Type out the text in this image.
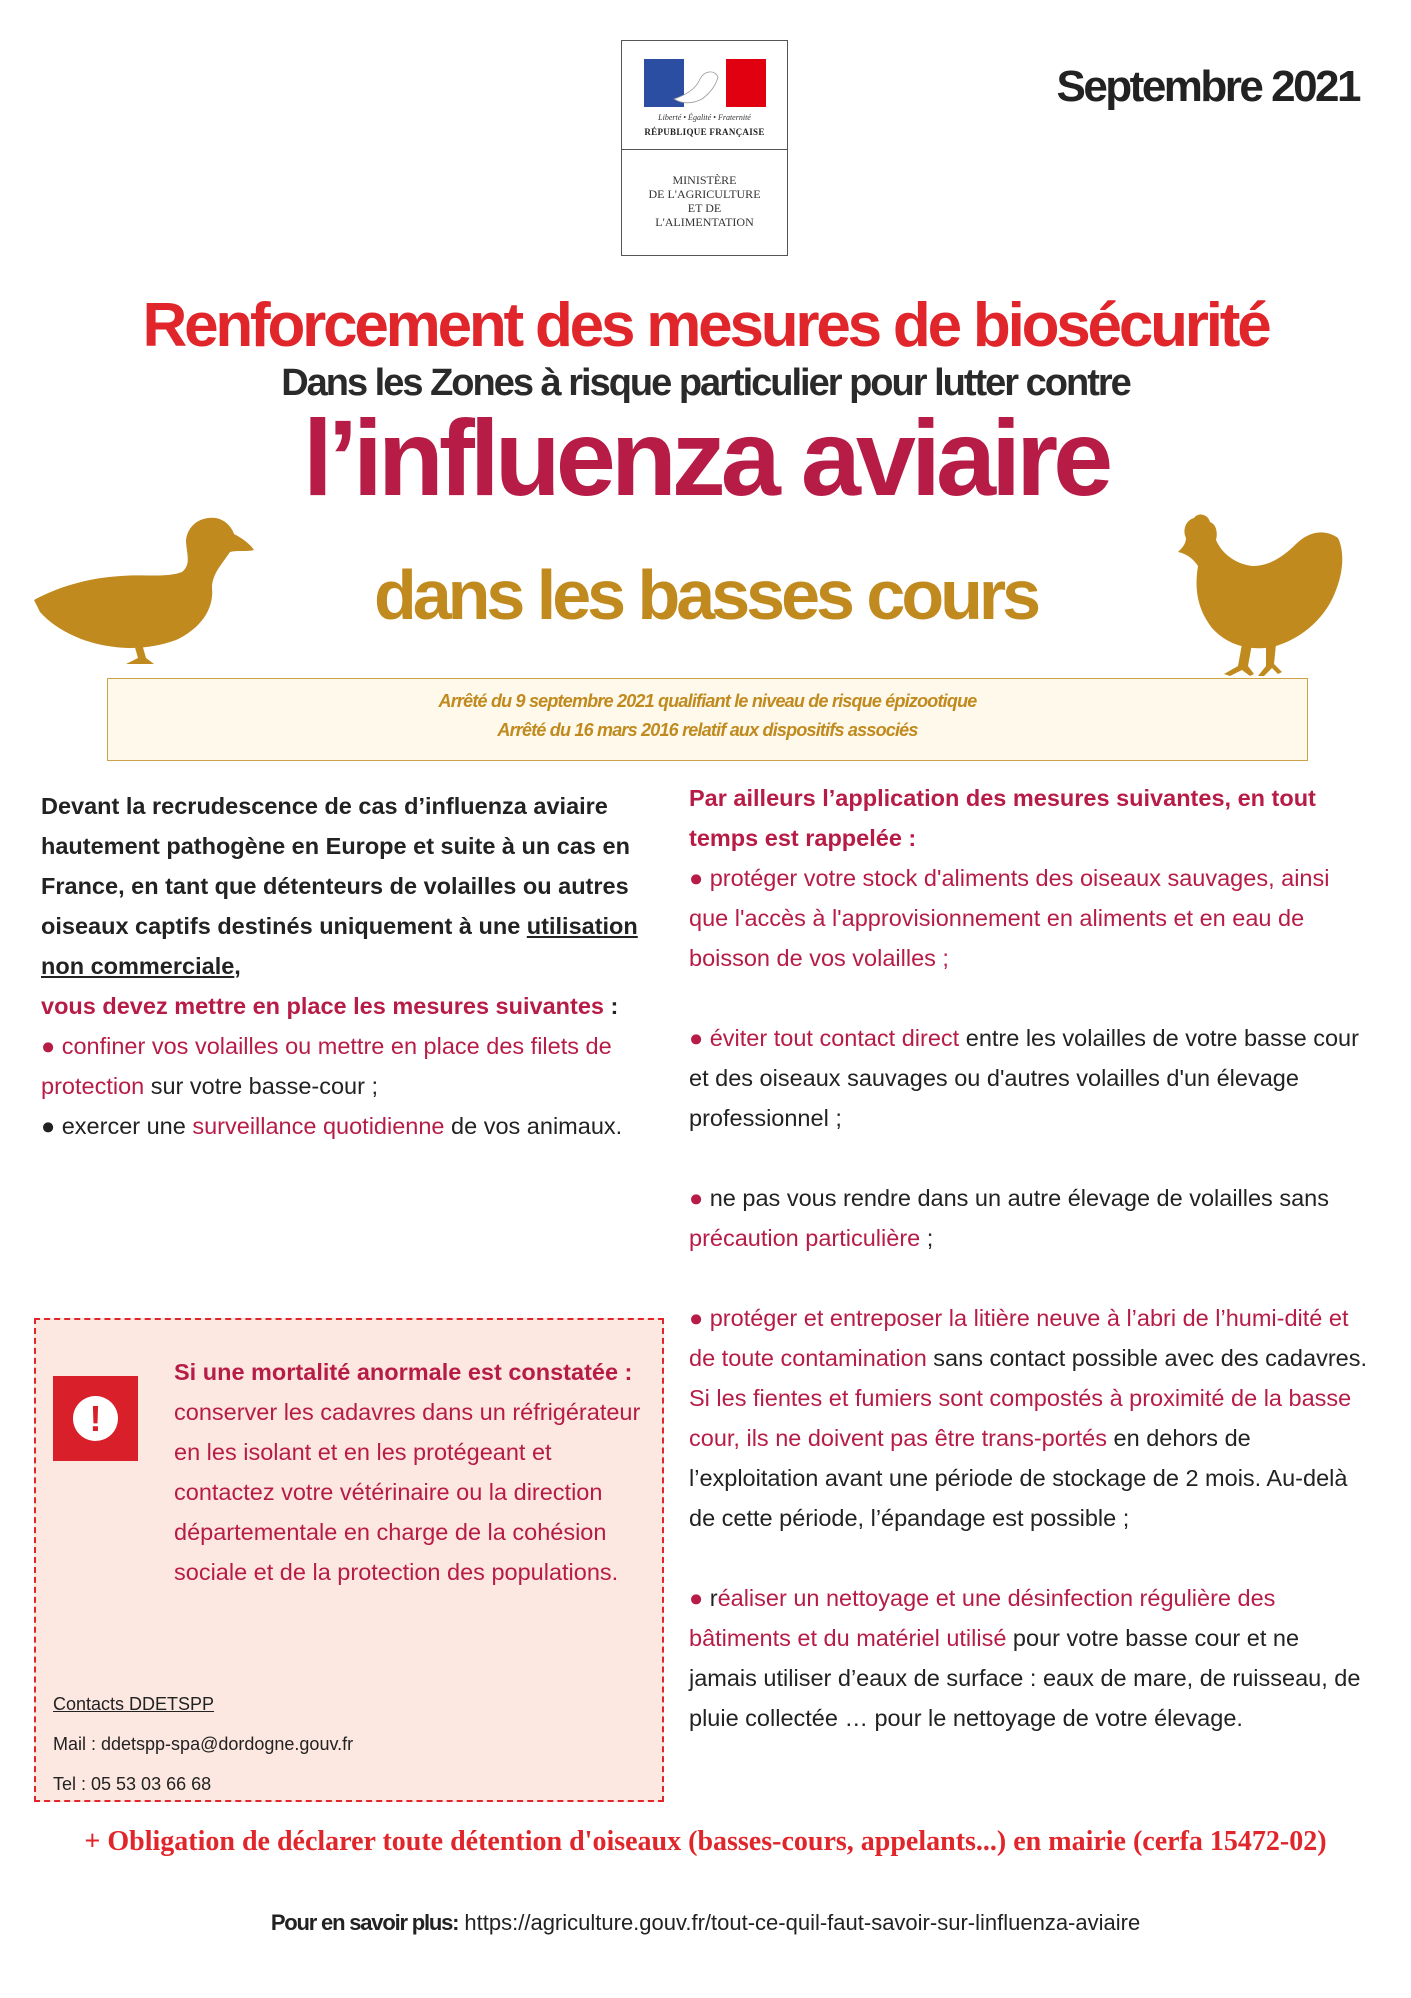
Liberté • Égalité • Fraternité
RÉPUBLIQUE FRANÇAISE
MINISTÈRE
DE L'AGRICULTURE
ET DE
L'ALIMENTATION
Septembre 2021
Renforcement des mesures de biosécurité
Dans les Zones à risque particulier pour lutter contre
l’influenza aviaire
dans les basses cours
Arrêté du 9 septembre 2021 qualifiant le niveau de risque épizootique
Arrêté du 16 mars 2016 relatif aux dispositifs associés
Devant la recrudescence de cas d’influenza aviaire hautement pathogène en Europe et suite à un cas en France, en tant que détenteurs de volailles ou autres oiseaux captifs destinés uniquement à une utilisation non commerciale,
vous devez mettre en place les mesures suivantes :
● confiner vos volailles ou mettre en place des filets de protection sur votre basse-cour ;
● exercer une surveillance quotidienne de vos animaux.
Par ailleurs l’application des mesures suivantes, en tout temps est rappelée :
● protéger votre stock d'aliments des oiseaux sauvages, ainsi que l'accès à l'approvisionnement en aliments et en eau de boisson de vos volailles ;
● éviter tout contact direct entre les volailles de votre basse cour et des oiseaux sauvages ou d'autres volailles d'un élevage professionnel ;
● ne pas vous rendre dans un autre élevage de volailles sans précaution particulière ;
● protéger et entreposer la litière neuve à l’abri de l’humi-dité et de toute contamination sans contact possible avec des cadavres. Si les fientes et fumiers sont compostés à proximité de la basse cour, ils ne doivent pas être trans-portés en dehors de l’exploitation avant une période de stockage de 2 mois. Au-delà de cette période, l’épandage est possible ;
● réaliser un nettoyage et une désinfection régulière des bâtiments et du matériel utilisé pour votre basse cour et ne jamais utiliser d’eaux de surface : eaux de mare, de ruisseau, de pluie collectée … pour le nettoyage de votre élevage.
!
Si une mortalité anormale est constatée : conserver les cadavres dans un réfrigérateur en les isolant et en les protégeant et contactez votre vétérinaire ou la direction départementale en charge de la cohésion sociale et de la protection des populations.
Contacts DDETSPP
Mail : ddetspp-spa@dordogne.gouv.fr
Tel : 05 53 03 66 68
+ Obligation de déclarer toute détention d'oiseaux (basses-cours, appelants...) en mairie (cerfa 15472-02)
Pour en savoir plus: https://agriculture.gouv.fr/tout-ce-quil-faut-savoir-sur-linfluenza-aviaire
